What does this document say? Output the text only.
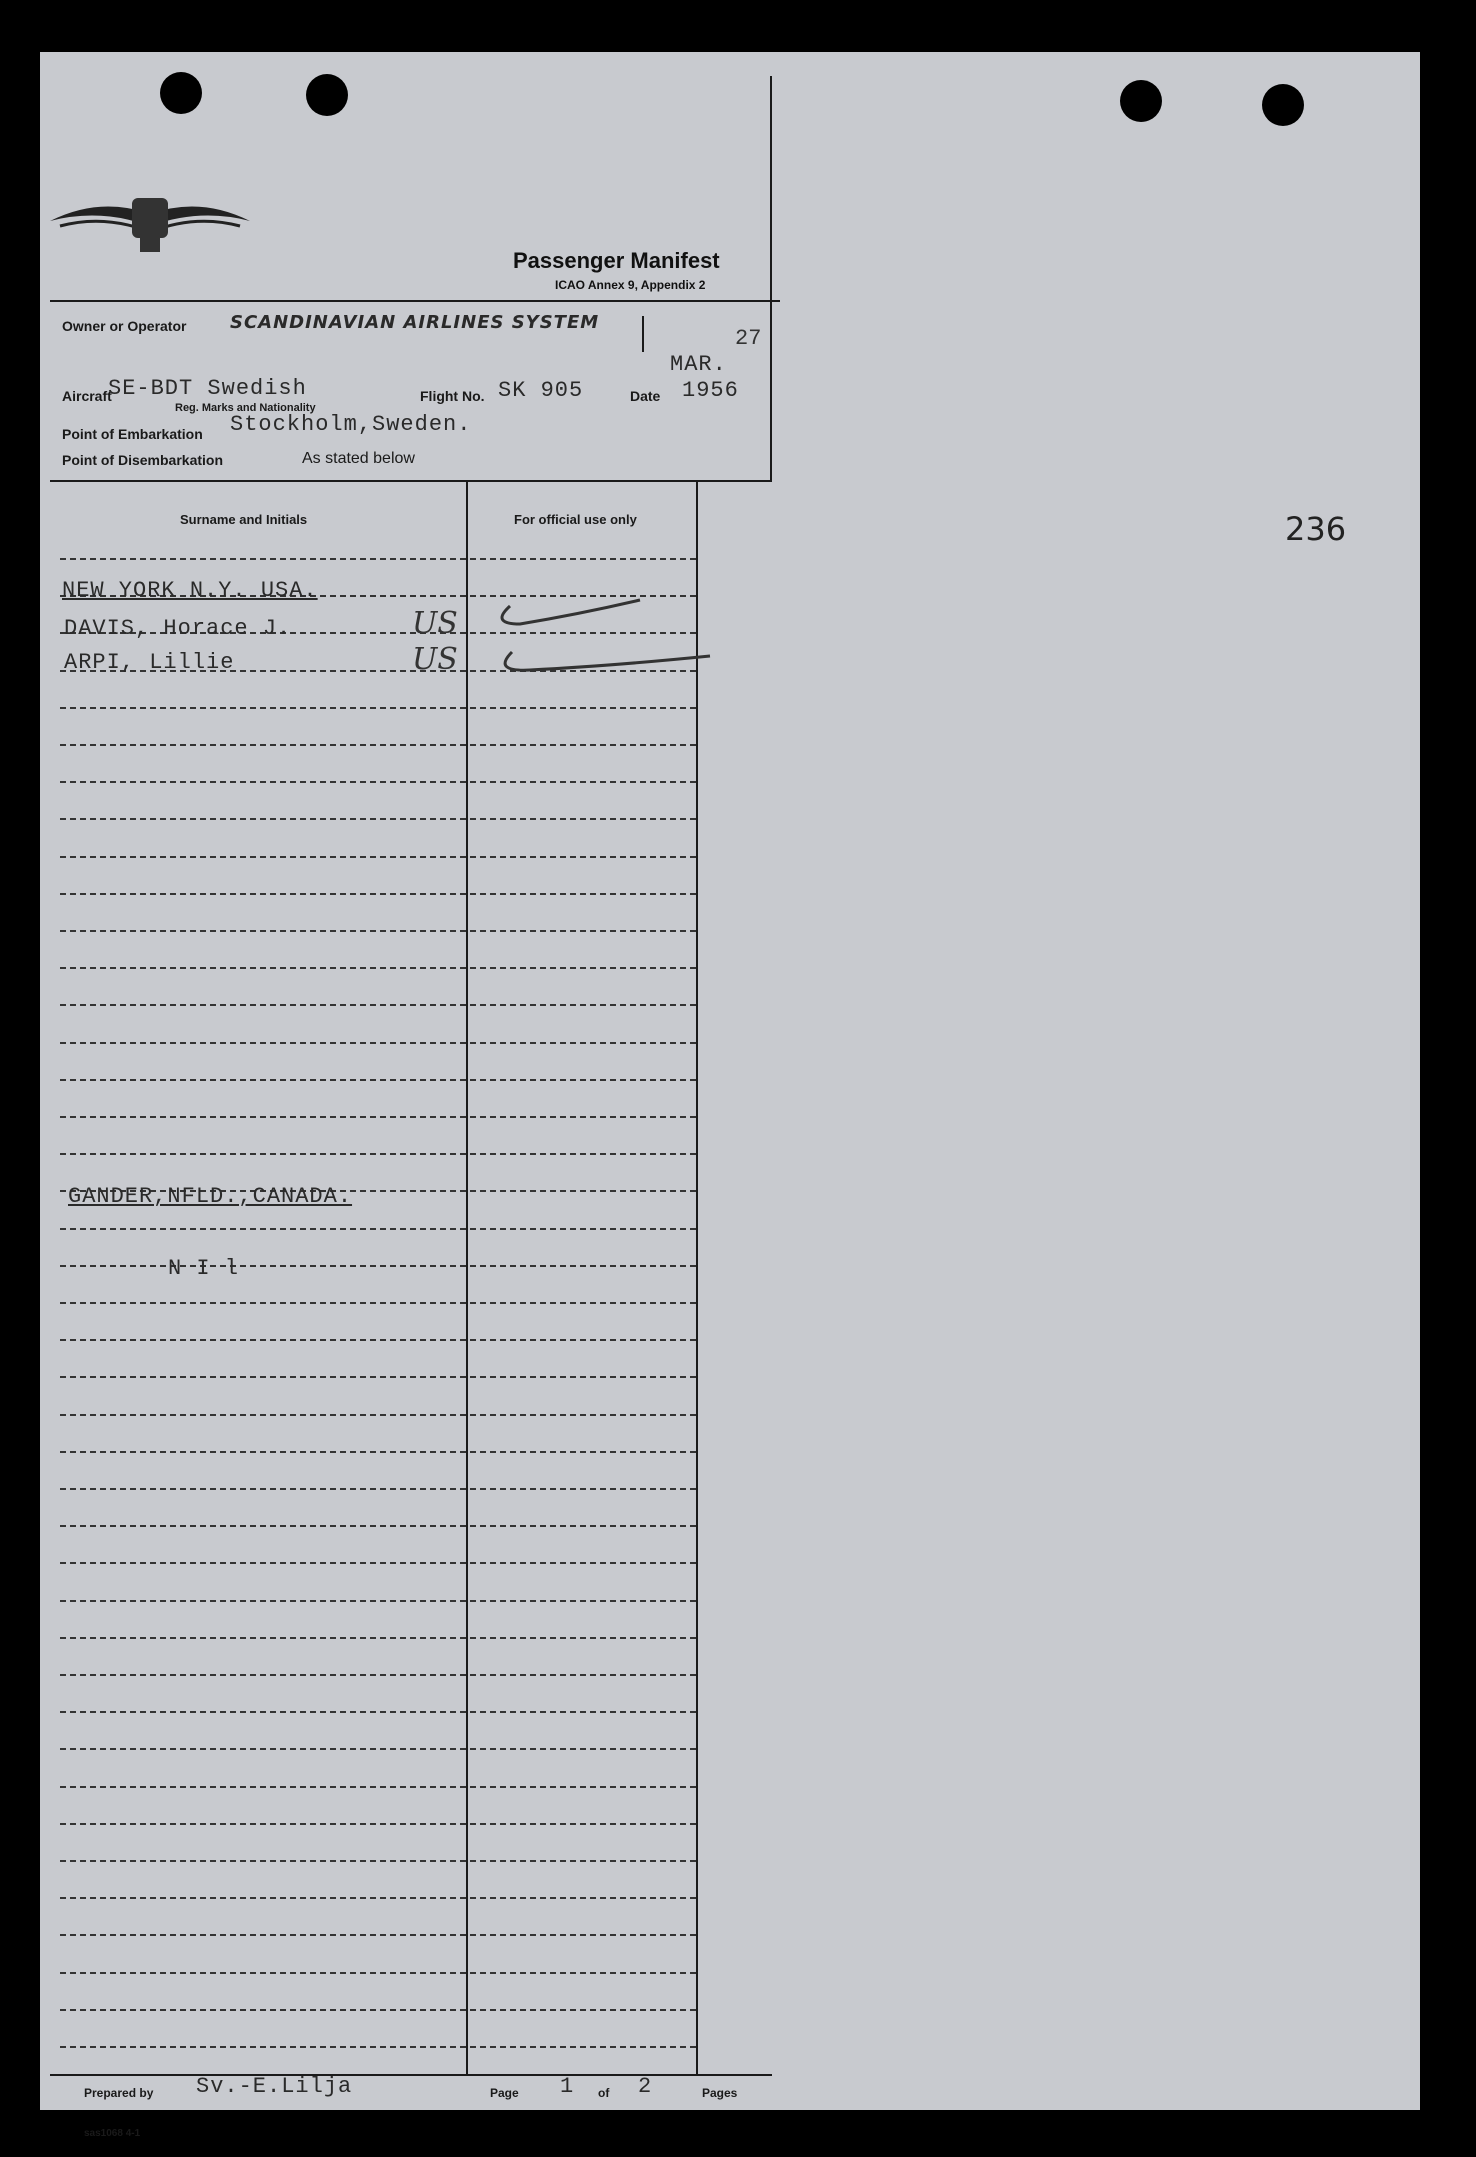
236
Passenger Manifest
ICAO Annex 9, Appendix 2
Owner or Operator SCANDINAVIAN AIRLINES SYSTEM
27
Aircraft
SE-BDT Swedish
Reg. Marks and Nationality
Flight No. SK 905	Date
MAR.
1956
Point of Embarkation Stockholm,Sweden.
Point of Disembarkation	As stated below
Surname and Initials	For official use only
NEW YORK N.Y. USA.
DAVIS, Horace J.	US
ARPI, Lillie	US
GANDER,NFLD.,CANADA.
N I l
Prepared by Sv.-E.Lilja	Page 1 of 2	Pages
sas1068 4-1
